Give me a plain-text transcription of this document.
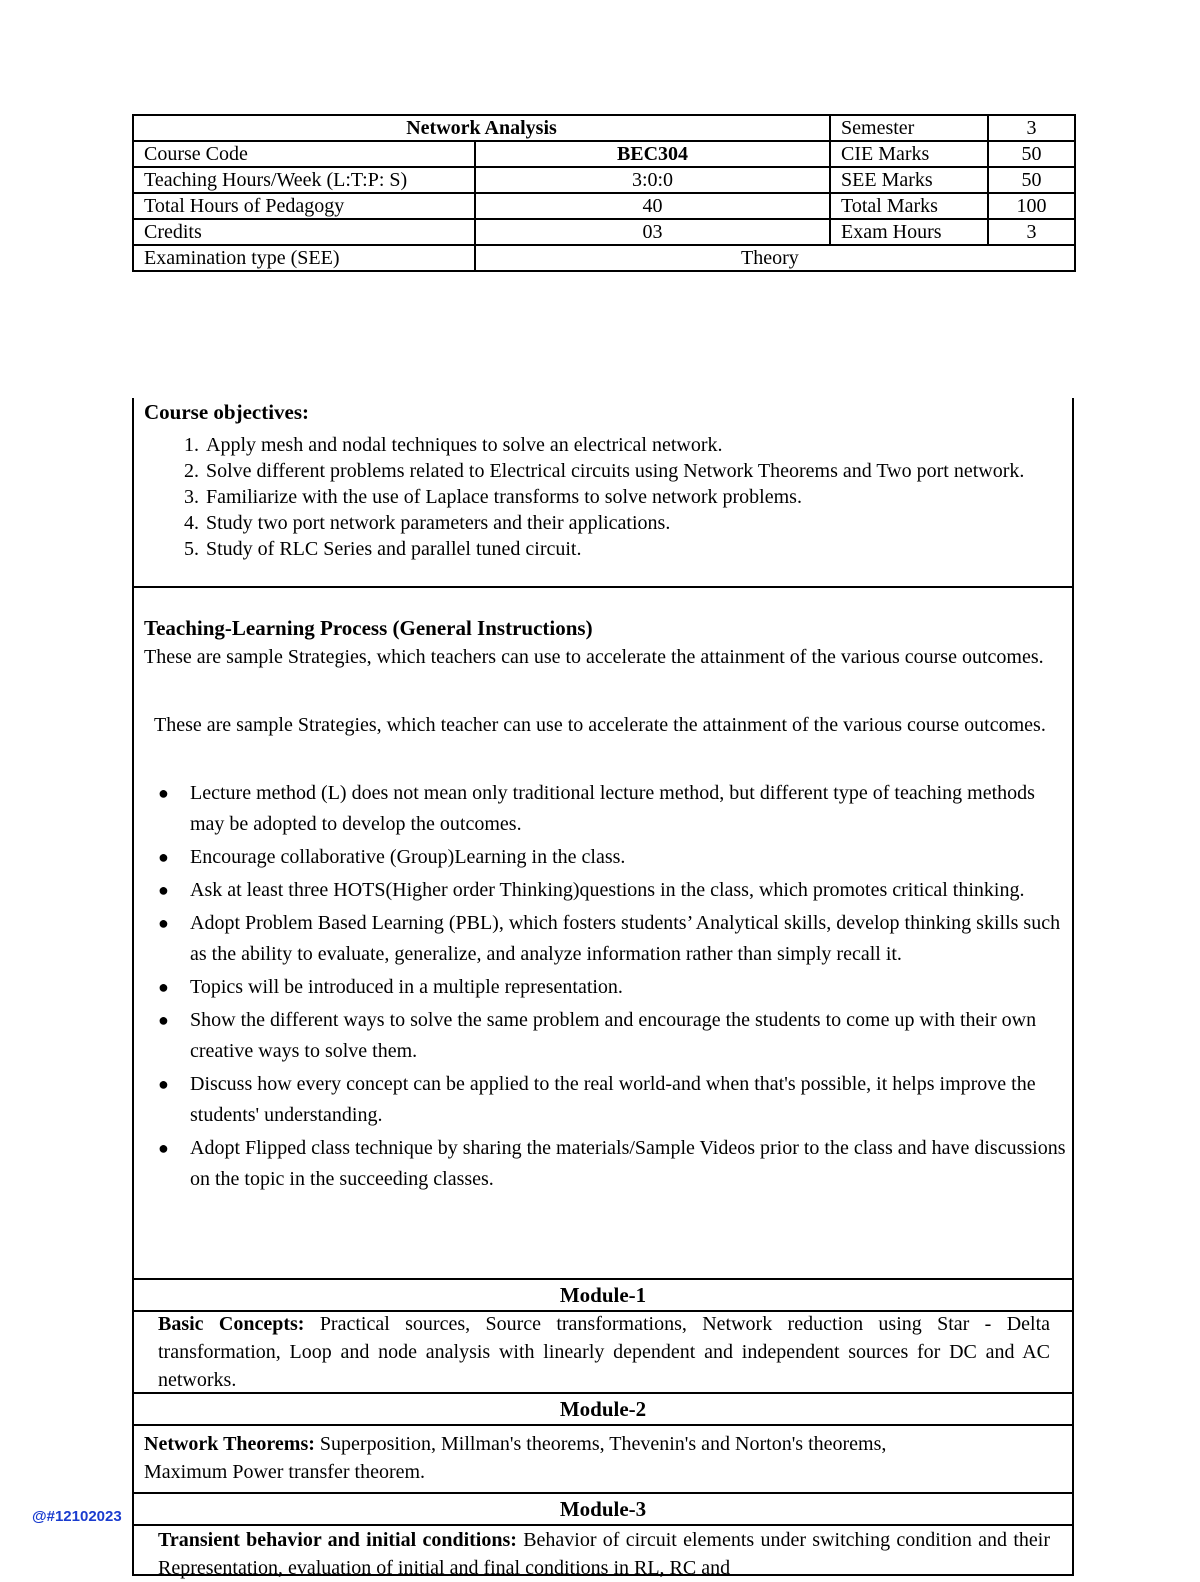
Network Analysis		Semester	3
Course Code	BEC304	CIE Marks	50
Teaching Hours/Week (L:T:P: S)	3:0:0	SEE Marks	50
Total Hours of Pedagogy	40	Total Marks	100
Credits	03	Exam Hours	3
Examination type (SEE)	Theory		
Course objectives:
1. Apply mesh and nodal techniques to solve an electrical network.
2. Solve different problems related to Electrical circuits using Network Theorems and Two port network.
3. Familiarize with the use of Laplace transforms to solve network problems.
4. Study two port network parameters and their applications.
5. Study of RLC Series and parallel tuned circuit.
Teaching-Learning Process (General Instructions)
These are sample Strategies, which teachers can use to accelerate the attainment of the various course outcomes.
These are sample Strategies, which teacher can use to accelerate the attainment of the various course outcomes.
● Lecture method (L) does not mean only traditional lecture method, but different type of teaching methods may be adopted to develop the outcomes.
● Encourage collaborative (Group)Learning in the class.
● Ask at least three HOTS(Higher order Thinking)questions in the class, which promotes critical thinking.
● Adopt Problem Based Learning (PBL), which fosters students’ Analytical skills, develop thinking skills such as the ability to evaluate, generalize, and analyze information rather than simply recall it.
● Topics will be introduced in a multiple representation.
● Show the different ways to solve the same problem and encourage the students to come up with their own creative ways to solve them.
● Discuss how every concept can be applied to the real world-and when that's possible, it helps improve the students' understanding.
● Adopt Flipped class technique by sharing the materials/Sample Videos prior to the class and have discussions on the topic in the succeeding classes.
Module-1
Basic Concepts: Practical sources, Source transformations, Network reduction using Star - Delta transformation, Loop and node analysis with linearly dependent and independent sources for DC and AC networks.
Module-2
Network Theorems: Superposition, Millman's theorems, Thevenin's and Norton's theorems, Maximum Power transfer theorem.
Module-3
Transient behavior and initial conditions: Behavior of circuit elements under switching condition and their Representation, evaluation of initial and final conditions in RL, RC and
@#12102023
